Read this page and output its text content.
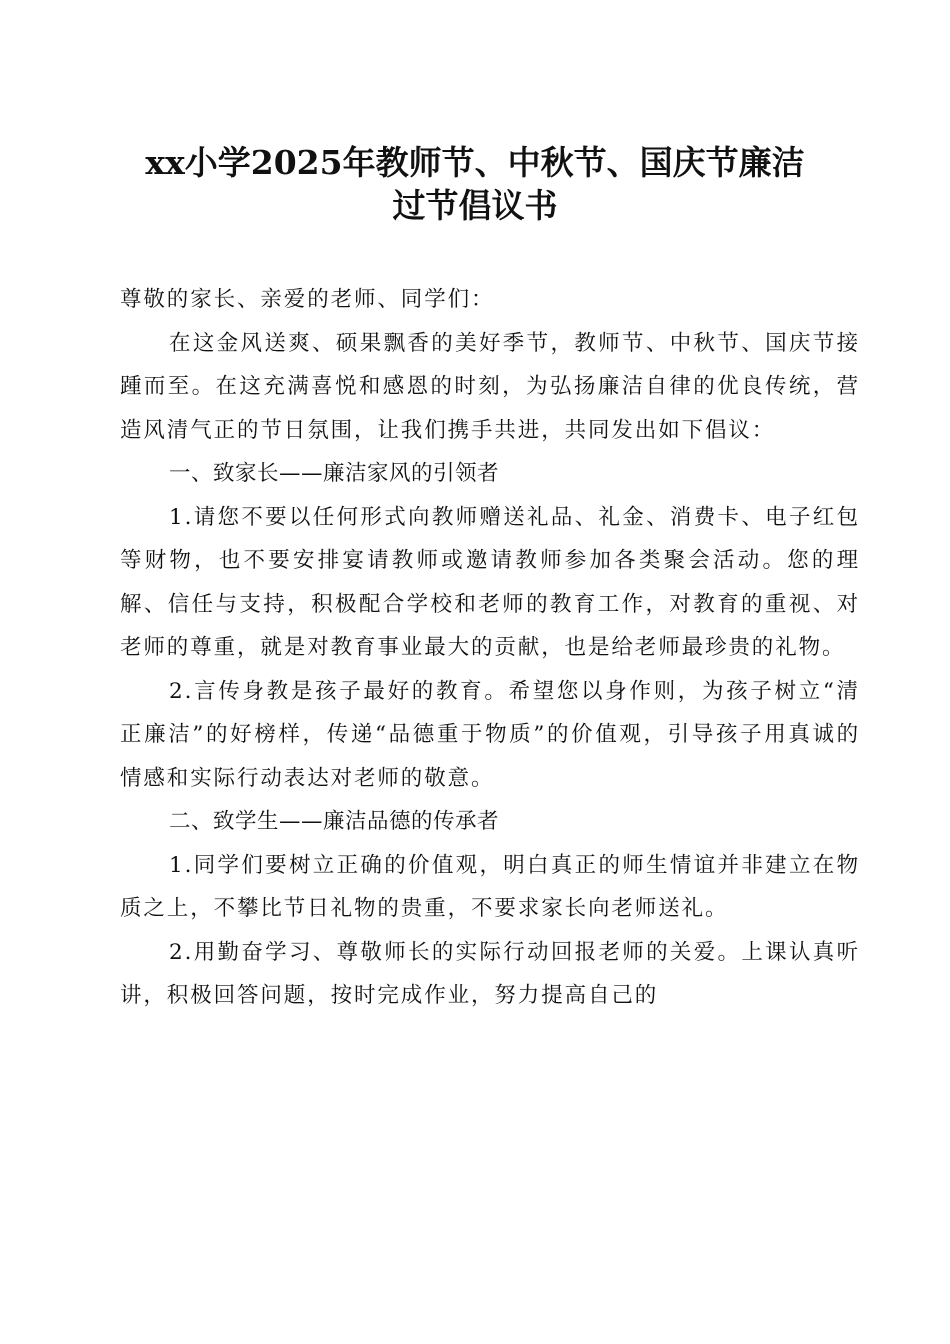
xx小学2025年教师节、中秋节、国庆节廉洁
过节倡议书

尊敬的家长、亲爱的老师、同学们：

在这金风送爽、硕果飘香的美好季节，教师节、中秋节、国庆节接踵而至。在这充满喜悦和感恩的时刻，为弘扬廉洁自律的优良传统，营造风清气正的节日氛围，让我们携手共进，共同发出如下倡议：

一、致家长——廉洁家风的引领者

1.请您不要以任何形式向教师赠送礼品、礼金、消费卡、电子红包等财物，也不要安排宴请教师或邀请教师参加各类聚会活动。您的理解、信任与支持，积极配合学校和老师的教育工作，对教育的重视、对老师的尊重，就是对教育事业最大的贡献，也是给老师最珍贵的礼物。

2.言传身教是孩子最好的教育。希望您以身作则，为孩子树立“清正廉洁”的好榜样，传递“品德重于物质”的价值观，引导孩子用真诚的情感和实际行动表达对老师的敬意。

二、致学生——廉洁品德的传承者

1.同学们要树立正确的价值观，明白真正的师生情谊并非建立在物质之上，不攀比节日礼物的贵重，不要求家长向老师送礼。

2.用勤奋学习、尊敬师长的实际行动回报老师的关爱。上课认真听讲，积极回答问题，按时完成作业，努力提高自己的
